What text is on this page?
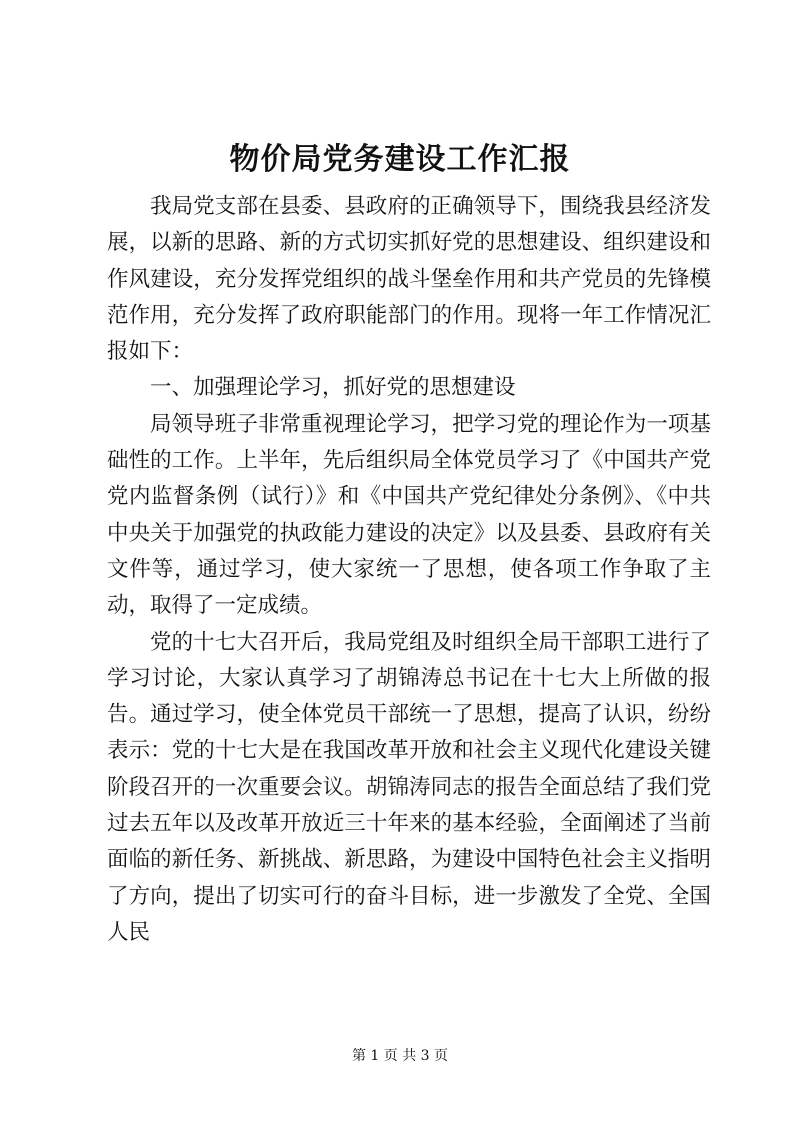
物价局党务建设工作汇报

我局党支部在县委、县政府的正确领导下，围绕我县经济发展，以新的思路、新的方式切实抓好党的思想建设、组织建设和作风建设，充分发挥党组织的战斗堡垒作用和共产党员的先锋模范作用，充分发挥了政府职能部门的作用。现将一年工作情况汇报如下：

一、加强理论学习，抓好党的思想建设

局领导班子非常重视理论学习，把学习党的理论作为一项基础性的工作。上半年，先后组织局全体党员学习了《中国共产党党内监督条例（试行）》和《中国共产党纪律处分条例》、《中共中央关于加强党的执政能力建设的决定》以及县委、县政府有关文件等，通过学习，使大家统一了思想，使各项工作争取了主动，取得了一定成绩。

党的十七大召开后，我局党组及时组织全局干部职工进行了学习讨论，大家认真学习了胡锦涛总书记在十七大上所做的报告。通过学习，使全体党员干部统一了思想，提高了认识，纷纷表示：党的十七大是在我国改革开放和社会主义现代化建设关键阶段召开的一次重要会议。胡锦涛同志的报告全面总结了我们党过去五年以及改革开放近三十年来的基本经验，全面阐述了当前面临的新任务、新挑战、新思路，为建设中国特色社会主义指明了方向，提出了切实可行的奋斗目标，进一步激发了全党、全国人民

第 1 页 共 3 页
